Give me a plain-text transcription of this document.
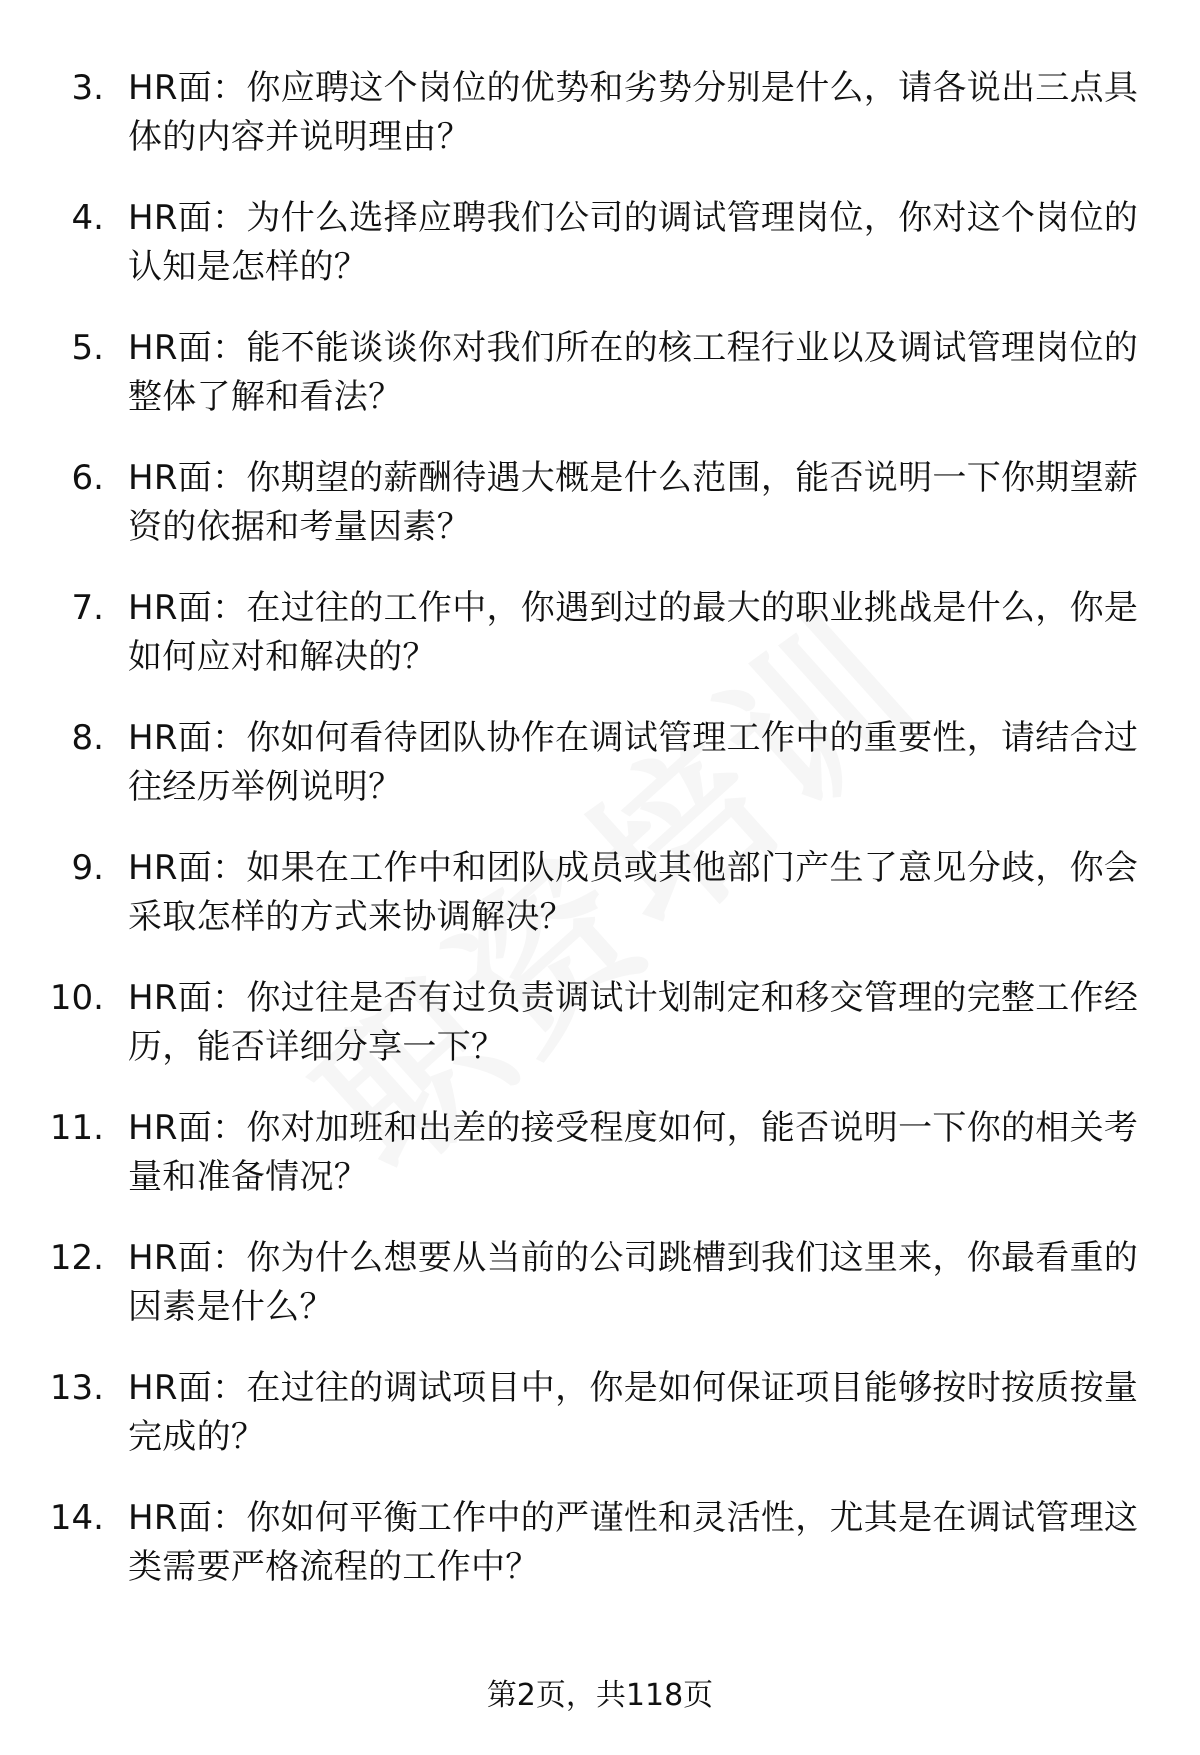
3. HR面：你应聘这个岗位的优势和劣势分别是什么，请各说出三点具体的内容并说明理由？
4. HR面：为什么选择应聘我们公司的调试管理岗位，你对这个岗位的认知是怎样的？
5. HR面：能不能谈谈你对我们所在的核工程行业以及调试管理岗位的整体了解和看法？
6. HR面：你期望的薪酬待遇大概是什么范围，能否说明一下你期望薪资的依据和考量因素？
7. HR面：在过往的工作中，你遇到过的最大的职业挑战是什么，你是如何应对和解决的？
8. HR面：你如何看待团队协作在调试管理工作中的重要性，请结合过往经历举例说明？
9. HR面：如果在工作中和团队成员或其他部门产生了意见分歧，你会采取怎样的方式来协调解决？
10. HR面：你过往是否有过负责调试计划制定和移交管理的完整工作经历，能否详细分享一下？
11. HR面：你对加班和出差的接受程度如何，能否说明一下你的相关考量和准备情况？
12. HR面：你为什么想要从当前的公司跳槽到我们这里来，你最看重的因素是什么？
13. HR面：在过往的调试项目中，你是如何保证项目能够按时按质按量完成的？
14. HR面：你如何平衡工作中的严谨性和灵活性，尤其是在调试管理这类需要严格流程的工作中？
第2页，共118页
